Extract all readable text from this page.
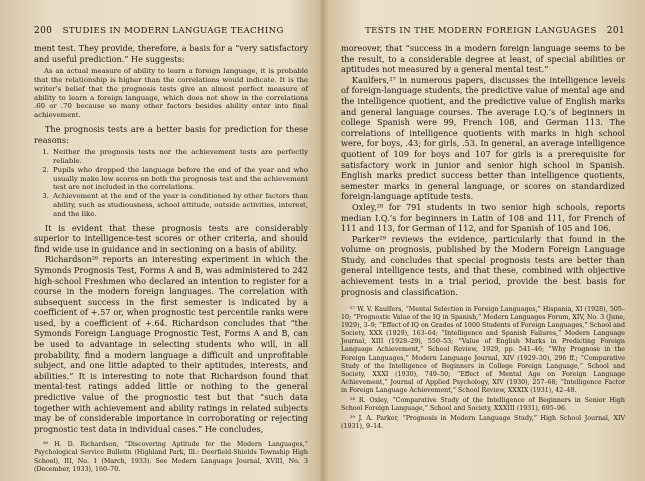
200 STUDIES IN MODERN LANGUAGE TEACHING

ment test. They provide, therefore, a basis for a “very satisfactory and useful prediction.” He suggests:

As an actual measure of ability to learn a foreign language, it is probable that the relationship is higher than the correlations would indicate. It is the writer’s belief that the prognosis tests give an almost perfect measure of ability to learn a foreign language, which does not show in the correlations .60 or .70 because so many other factors besides ability enter into final achievement.

The prognosis tests are a better basis for prediction for these reasons:

1. Neither the prognosis tests nor the achievement tests are perfectly reliable.
2. Pupils who dropped the language before the end of the year and who usually make low scores on both the prognosis test and the achievement test are not included in the correlations.
3. Achievement at the end of the year is conditioned by other factors than ability, such as studiousness, school attitude, outside activities, interest, and the like.

It is evident that these prognosis tests are considerably superior to intelligence-test scores or other criteria, and should find wide use in guidance and in sectioning on a basis of ability.

Richardson²⁶ reports an interesting experiment in which the Symonds Prognosis Test, Forms A and B, was administered to 242 high-school Freshmen who declared an intention to register for a course in the modern foreign languages. The correlation with subsequent success in the first semester is indicated by a coefficient of +.57 or, when prognostic test percentile ranks were used, by a coefficient of +.64. Richardson concludes that “the Symonds Foreign Language Prognostic Test, Forms A and B, can be used to advantage in selecting students who will, in all probability, find a modern language a difficult and unprofitable subject, and one little adapted to their aptitudes, interests, and abilities.” It is interesting to note that Richardson found that mental-test ratings added little or nothing to the general predictive value of the prognostic test but that “such data together with achievement and ability ratings in related subjects may be of considerable importance in corroborating or rejecting prognostic test data in individual cases.” He concludes,

²⁶ H. D. Richardson, “Discovering Aptitude for the Modern Languages,” Psychological Service Bulletin (Highland Park, Ill.: Deerfield-Shields Township High School), III, No. 1 (March, 1933). See Modern Language Journal, XVIII, No. 3 (December, 1933), 160–70.

TESTS IN THE MODERN FOREIGN LANGUAGES 201

moreover, that “success in a modern foreign language seems to be the result, to a considerable degree at least, of special abilities or aptitudes not measured by a general mental test.”

Kaulfers,²⁷ in numerous papers, discusses the intelligence levels of foreign-language students, the predictive value of mental age and the intelligence quotient, and the predictive value of English marks and general language courses. The average I.Q.’s of beginners in college Spanish were 99, French 108, and German 113. The correlations of intelligence quotients with marks in high school were, for boys, .43; for girls, .53. In general, an average intelligence quotient of 109 for boys and 107 for girls is a prerequisite for satisfactory work in junior and senior high school in Spanish. English marks predict success better than intelligence quotients, semester marks in general language, or scores on standardized foreign-language aptitude tests.

Oxley,²⁸ for 791 students in two senior high schools, reports median I.Q.’s for beginners in Latin of 108 and 111, for French of 111 and 113, for German of 112, and for Spanish of 105 and 106.

Parker²⁹ reviews the evidence, particularly that found in the volume on prognosis, published by the Modern Foreign Language Study, and concludes that special prognosis tests are better than general intelligence tests, and that these, combined with objective achievement tests in a trial period, provide the best basis for prognosis and classification.

²⁷ W. V. Kaulfers, “Mental Selection in Foreign Languages,” Hispania, XI (1928), 505–10; “Prognostic Value of the IQ in Spanish,” Modern Languages Forum, XIV, No. 3 (June, 1929), 3–9; “Effect of IQ on Grades of 1000 Students of Foreign Languages,” School and Society, XXX (1929), 163–64; “Intelligence and Spanish Failures,” Modern Language Journal, XIII (1928–29), 550–53; “Value of English Marks in Predicting Foreign Language Achievement,” School Review, 1929, pp. 541–46; “Why Prognose in the Foreign Languages,” Modern Language Journal, XIV (1929–30), 296 ff.; “Comparative Study of the Intelligence of Beginners in College Foreign Language,” School and Society, XXXI (1930), 749–50; “Effect of Mental Age on Foreign Language Achievement,” Journal of Applied Psychology, XIV (1930), 257–68; “Intelligence Factor in Foreign Language Achievement,” School Review, XXXIX (1931), 42–48.

²⁸ R. Oxley, “Comparative Study of the Intelligence of Beginners in Senior High School Foreign Language,” School and Society, XXXIII (1931), 695–96.

²⁹ J. A. Parker, “Prognosis in Modern Language Study,” High School Journal, XIV (1931), 9–14.
